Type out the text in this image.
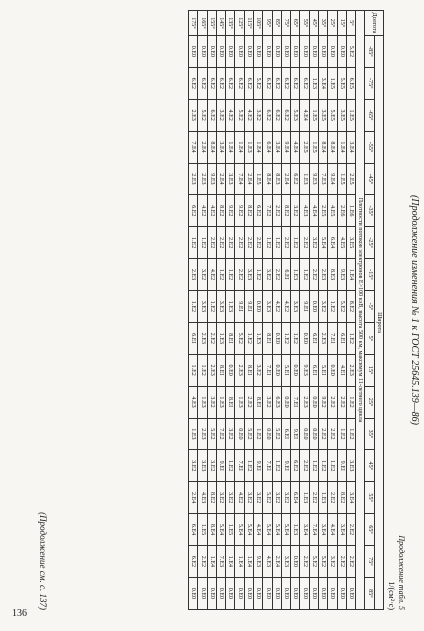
136
(Продолжение изменения № 1 к ГОСТ 25645.139—86)
Продолжение табл. 5
1/(см²·с)
Долгота	Широта																	
	-85°	-75°	-65°	-55°	-45°	-35°	-25°	-15°	-5°	5°	15°	25°	35°	45°	55°	65°	75°	85°
Плотности потоков электронов E>100 кэВ, высота 500 км, максимум 11-летнего цикла																		
5°	5.E2	6.E5	1.E5	3.E4	2.E5	1.E6	3.E5	1.E4	8.E2	1.E2	2.E3	1.E2	1.E2	3.E3	3.E4	2.E2	2.E2	0.E0
15°	0.E0	5.E5	3.E5	1.E4	1.E5	2.E6	4.E5	9.E3	5.E2	6.EI	4.EI	2.E2	1.E2	9.EI	8.E2	3.E4	2.E2	0.E0
25°	0.E0	1.E5	5.E5	8.E4	9.E4	4.E5	6.E4	8.E3	1.E2	7.EI	0.E0	2.E2	2.E2	1.E2	2.E2	4.E4	3.E2	0.E0
35°	0.E0	3.E4	3.E5	8.E4	7.E3	2.E5	5.E4	2.E3	3.E2	2.E3	5.EI	9.E2	2.E2	1.E2	1.E3	3.E4	5.E2	0.E0
45°	0.E0	1.E3	1.E5	1.E5	9.E3	4.E4	3.E2	2.E2	0.E0	6.EI	6.EI	0.E0	0.E0	1.E2	2.E2	7.E4	5.E2	0.E0
55°	0.E0	6.E2	4.E4	2.E5	1.E3	4.E3	2.E2	1.E2	9.EI	0.E0	9.E3	2.E3	0.E0	2.E2	1.E3	3.E4	2.E2	0.E0
65°	0.E0	6.E2	5.E3	4.E4	6.E2	3.E2	1.E2	1.E3	3.E3	1.E2	0.E0	7.EI	9.EI	6.E2	6.E4	1.E3	0.E0	0.E0
75°	0.E0	6.E2	6.E2	9.E4	2.E4	8.E2	2.E2	6.EI	4.E2	1.E2	5.EI	0.E0	6.EI	9.EI	3.E2	5.E4	3.E3	0.E0
85°	0.E0	6.E2	6.E2	3.E4	8.E3	2.E2	1.E2	2.E2	4.E2	0.E0	0.E0	6.E3	5.E2	1.E2	3.E2	5.E4	2.E4	0.E0
95°	0.E0	6.E2	6.E2	6.E4	8.E4	7.E2	1.E2	3.E2	3.E3	8.EI	7.EI	3.E2	0.E0	7.EI	5.E2	5.E4	4.E3	0.E0
105°	0.E0	5.E2	3.E2	1.E4	1.E5	6.E2	2.E2	1.E2	0.E0	1.E3	3.E2	8.EI	1.E2	9.EI	3.E2	4.E4	9.E3	0.E0
115°	0.E0	6.E2	4.E2	1.E3	2.E4	8.E2	2.E2	3.E3	9.EI	1.E2	8.EI	2.E2	5.E2	1.E2	3.E2	5.E4	1.E4	0.E0
125°	0.E0	6.E2	5.E2	1.E4	7.E4	9.E2	2.E2	2.E2	9.EI	5.E2	2.E3	1.E3	0.E0	7.EI	4.E2	5.E4	1.E4	0.E0
135°	0.E0	6.E2	4.E2	1.E4	3.E3	9.E2	2.E2	1.E2	1.E3	8.EI	0.E0	8.EI	3.E2	1.E2	3.E2	1.E5	1.E4	0.E0
145°	0.E0	6.E2	3.E2	3.E4	2.E4	8.E2	2.E2	1.E2	3.E3	1.E3	8.EI	1.E3	7.E2	9.EI	3.E2	5.E4	7.E3	0.E0
155°	0.E0	6.E2	6.E2	8.E4	9.E3	4.E2	2.E2	4.E2	1.E2	2.E2	2.E3	3.E2	5.E2	3.E2	8.E2	8.E4	1.E4	0.E0
165°	0.E0	6.E2	5.E2	2.E4	2.E3	4.E2	1.E2	3.E2	3.E3	2.E3	1.E2	1.E3	2.E3	3.E3	4.E3	1.E5	2.E2	0.E0
175°	0.E0	6.E2	2.E3	7.E4	2.E3	6.E2	1.E2	2.E3	1.E2	6.EI	1.E2	4.E3	1.E3	3.E2	2.E4	6.E4	6.E2	0.E0
(Продолжение см. с. 137)
